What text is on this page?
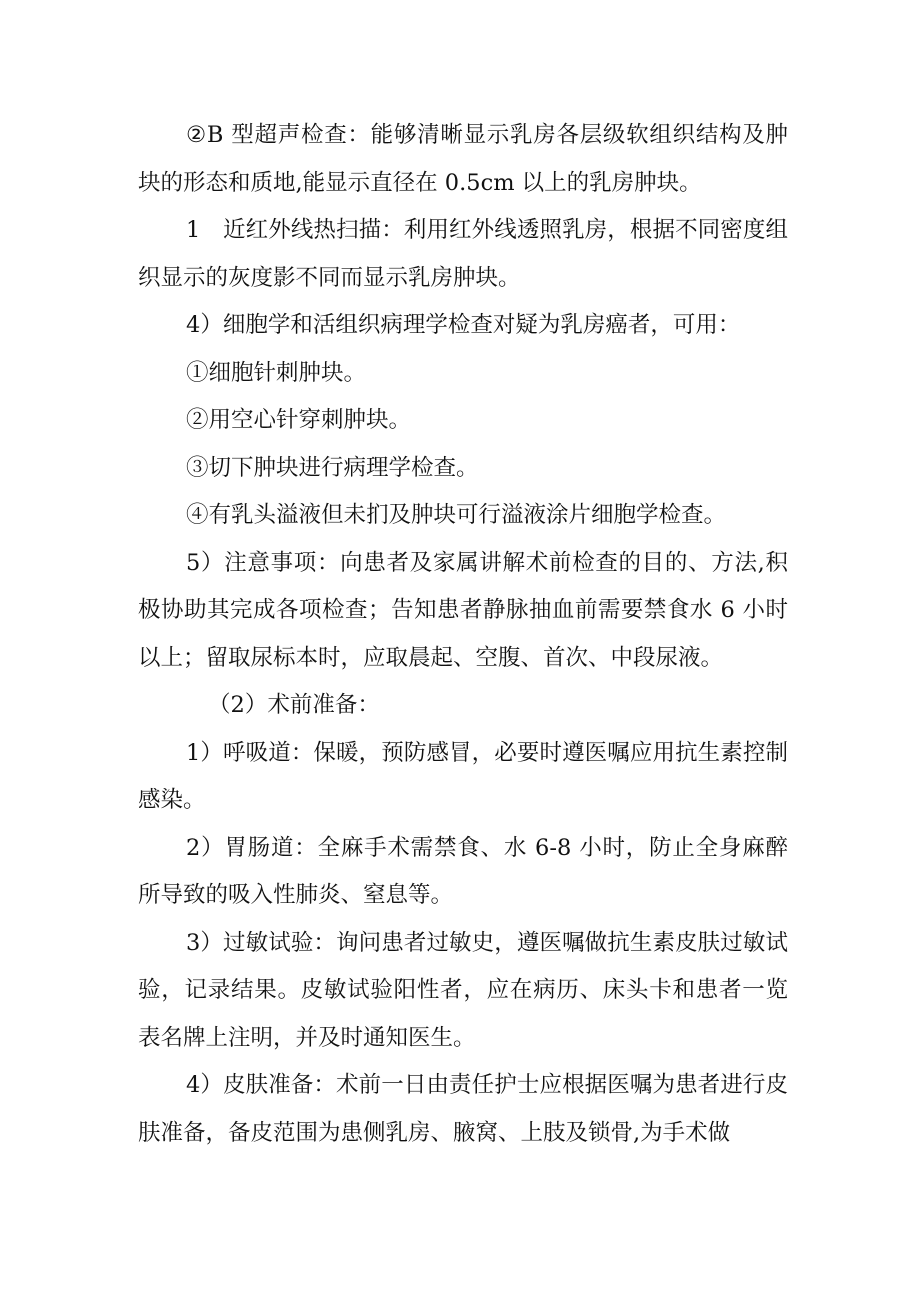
②B 型超声检查：能够清晰显示乳房各层级软组织结构及肿块的形态和质地,能显示直径在 0.5cm 以上的乳房肿块。

1　近红外线热扫描：利用红外线透照乳房，根据不同密度组织显示的灰度影不同而显示乳房肿块。

4）细胞学和活组织病理学检查对疑为乳房癌者，可用：

①细胞针刺肿块。

②用空心针穿刺肿块。

③切下肿块进行病理学检查。

④有乳头溢液但未扪及肿块可行溢液涂片细胞学检查。

5）注意事项：向患者及家属讲解术前检查的目的、方法,积极协助其完成各项检查；告知患者静脉抽血前需要禁食水 6 小时以上；留取尿标本时，应取晨起、空腹、首次、中段尿液。

（2）术前准备：

1）呼吸道：保暖，预防感冒，必要时遵医嘱应用抗生素控制感染。

2）胃肠道：全麻手术需禁食、水 6-8 小时，防止全身麻醉所导致的吸入性肺炎、窒息等。

3）过敏试验：询问患者过敏史，遵医嘱做抗生素皮肤过敏试验，记录结果。皮敏试验阳性者，应在病历、床头卡和患者一览表名牌上注明，并及时通知医生。

4）皮肤准备：术前一日由责任护士应根据医嘱为患者进行皮肤准备，备皮范围为患侧乳房、腋窝、上肢及锁骨,为手术做
